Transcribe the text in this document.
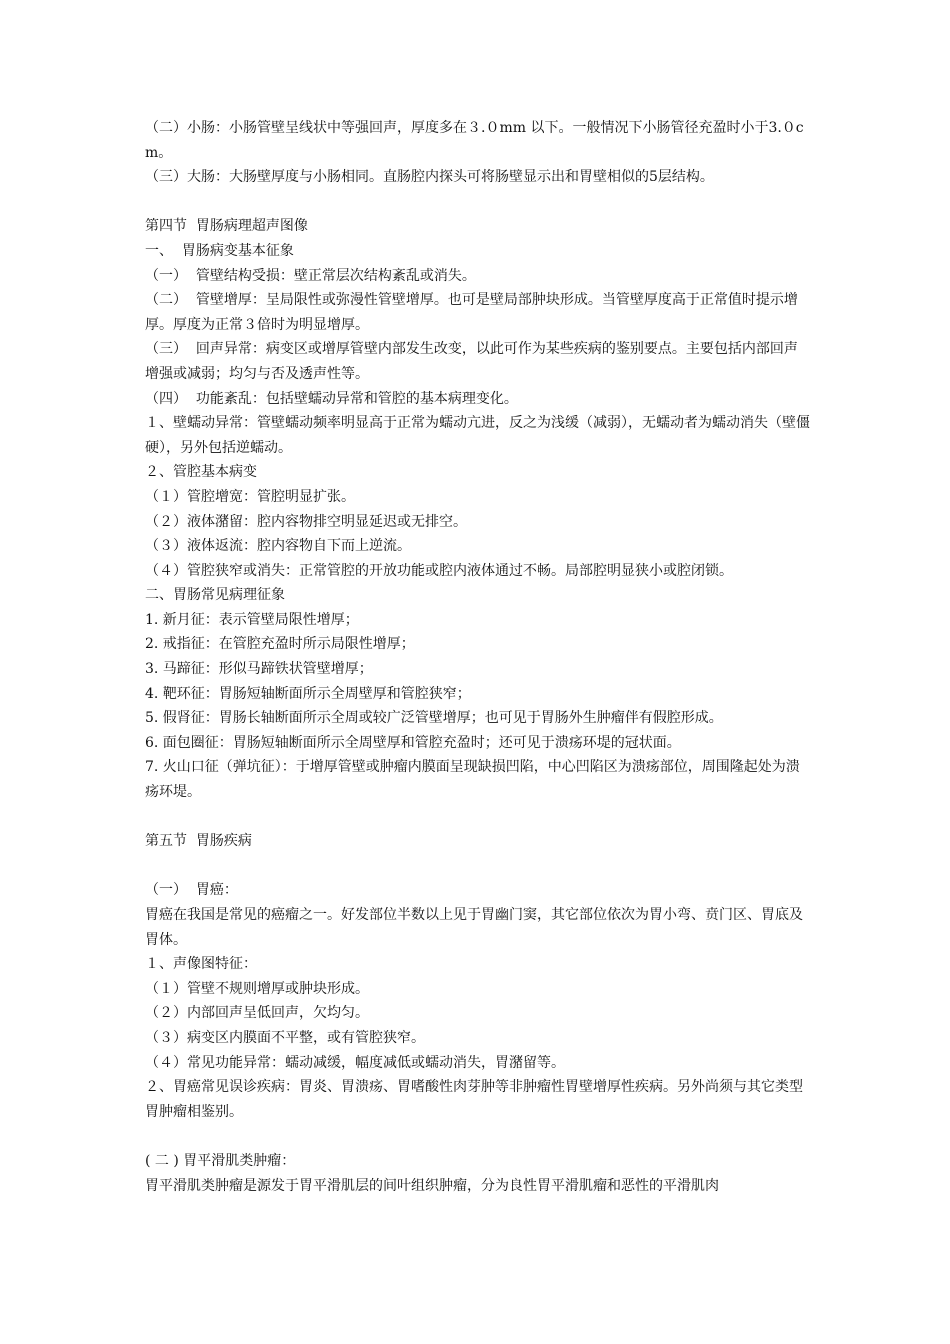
（二）小肠：小肠管壁呈线状中等强回声，厚度多在３.０mm 以下。一般情况下小肠管径充盈时小于3.０cm。
（三）大肠：大肠壁厚度与小肠相同。直肠腔内探头可将肠壁显示出和胃壁相似的5层结构。
第四节  胃肠病理超声图像
一、  胃肠病变基本征象
（一）  管壁结构受损：壁正常层次结构紊乱或消失。
（二）  管壁增厚：呈局限性或弥漫性管壁增厚。也可是壁局部肿块形成。当管壁厚度高于正常值时提示增厚。厚度为正常３倍时为明显增厚。
（三）  回声异常：病变区或增厚管壁内部发生改变，以此可作为某些疾病的鉴别要点。主要包括内部回声增强或减弱；均匀与否及透声性等。
（四）  功能紊乱：包括壁蠕动异常和管腔的基本病理变化。
１、壁蠕动异常：管壁蠕动频率明显高于正常为蠕动亢进，反之为浅缓（减弱），无蠕动者为蠕动消失（壁僵硬），另外包括逆蠕动。
２、管腔基本病变
（１）管腔增宽：管腔明显扩张。
（２）液体潴留：腔内容物排空明显延迟或无排空。
（３）液体返流：腔内容物自下而上逆流。
（４）管腔狭窄或消失：正常管腔的开放功能或腔内液体通过不畅。局部腔明显狭小或腔闭锁。
二、胃肠常见病理征象
1. 新月征：表示管壁局限性增厚；
2. 戒指征：在管腔充盈时所示局限性增厚；
3. 马蹄征：形似马蹄铁状管壁增厚；
4. 靶环征：胃肠短轴断面所示全周壁厚和管腔狭窄；
5. 假肾征：胃肠长轴断面所示全周或较广泛管壁增厚；也可见于胃肠外生肿瘤伴有假腔形成。
6. 面包圈征：胃肠短轴断面所示全周壁厚和管腔充盈时；还可见于溃疡环堤的冠状面。
7. 火山口征（弹坑征）：于增厚管壁或肿瘤内膜面呈现缺损凹陷，中心凹陷区为溃疡部位，周围隆起处为溃疡环堤。
第五节  胃肠疾病
（一）  胃癌：
胃癌在我国是常见的癌瘤之一。好发部位半数以上见于胃幽门窦，其它部位依次为胃小弯、贲门区、胃底及胃体。
１、声像图特征：
（１）管壁不规则增厚或肿块形成。
（２）内部回声呈低回声，欠均匀。
（３）病变区内膜面不平整，或有管腔狭窄。
（４）常见功能异常：蠕动减缓，幅度减低或蠕动消失，胃潴留等。
２、胃癌常见误诊疾病：胃炎、胃溃疡、胃嗜酸性肉芽肿等非肿瘤性胃壁增厚性疾病。另外尚须与其它类型胃肿瘤相鉴别。
( 二 ) 胃平滑肌类肿瘤：
胃平滑肌类肿瘤是源发于胃平滑肌层的间叶组织肿瘤，分为良性胃平滑肌瘤和恶性的平滑肌肉
